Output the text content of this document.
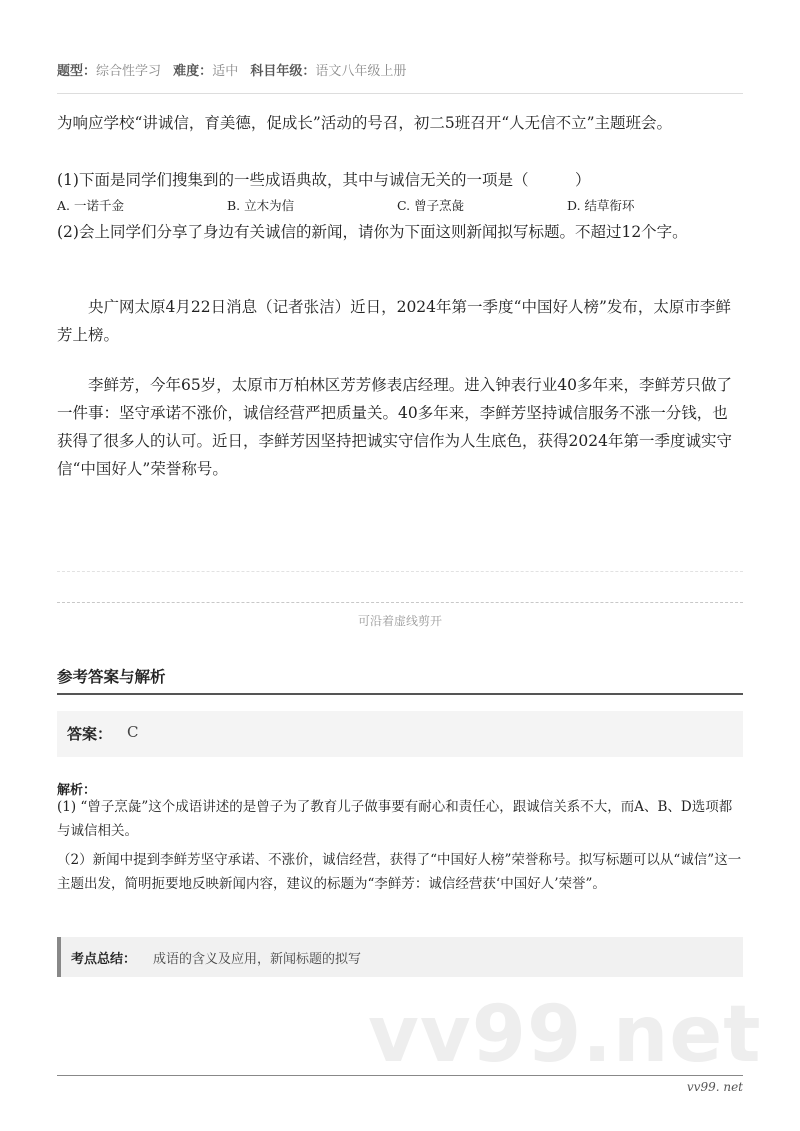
题型：综合性学习 难度：适中 科目年级：语文八年级上册
为响应学校“讲诚信，育美德，促成长”活动的号召，初二5班召开“人无信不立”主题班会。
(1)下面是同学们搜集到的一些成语典故，其中与诚信无关的一项是（　　　）
A. 一诺千金	B. 立木为信	C. 曾子烹彘	D. 结草衔环
(2)会上同学们分享了身边有关诚信的新闻，请你为下面这则新闻拟写标题。不超过12个字。
央广网太原4月22日消息（记者张洁）近日，2024年第一季度“中国好人榜”发布，太原市李鲜芳上榜。
李鲜芳，今年65岁，太原市万柏林区芳芳修表店经理。进入钟表行业40多年来，李鲜芳只做了一件事：坚守承诺不涨价，诚信经营严把质量关。40多年来，李鲜芳坚持诚信服务不涨一分钱，也获得了很多人的认可。近日，李鲜芳因坚持把诚实守信作为人生底色，获得2024年第一季度诚实守信“中国好人”荣誉称号。
可沿着虚线剪开
参考答案与解析
答案： C
解析：
(1) “曾子烹彘”这个成语讲述的是曾子为了教育儿子做事要有耐心和责任心，跟诚信关系不大，而A、B、D选项都与诚信相关。
（2）新闻中提到李鲜芳坚守承诺、不涨价，诚信经营，获得了“中国好人榜”荣誉称号。拟写标题可以从“诚信”这一主题出发，简明扼要地反映新闻内容，建议的标题为“李鲜芳：诚信经营获‘中国好人’荣誉”。
考点总结： 成语的含义及应用，新闻标题的拟写
vv99.net
vv99. net
